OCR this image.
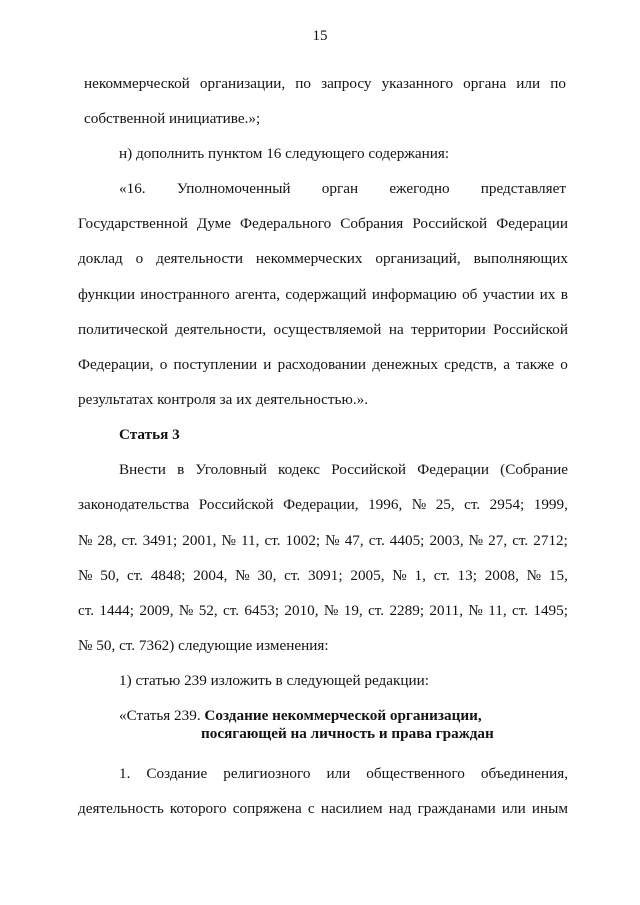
15
некоммерческой организации, по запросу указанного органа или по
собственной инициативе.»;
н) дополнить пунктом 16 следующего содержания:
«16. Уполномоченный орган ежегодно представляет
Государственной Думе Федерального Собрания Российской Федерации
доклад о деятельности некоммерческих организаций, выполняющих
функции иностранного агента, содержащий информацию об участии их в
политической деятельности, осуществляемой на территории Российской
Федерации, о поступлении и расходовании денежных средств, а также о
результатах контроля за их деятельностью.».
Статья 3
Внести в Уголовный кодекс Российской Федерации (Собрание
законодательства Российской Федерации, 1996, № 25, ст. 2954; 1999,
№ 28, ст. 3491; 2001, № 11, ст. 1002; № 47, ст. 4405; 2003, № 27, ст. 2712;
№ 50, ст. 4848; 2004, № 30, ст. 3091; 2005, № 1, ст. 13; 2008, № 15,
ст. 1444; 2009, № 52, ст. 6453; 2010, № 19, ст. 2289; 2011, № 11, ст. 1495;
№ 50, ст. 7362) следующие изменения:
1) статью 239 изложить в следующей редакции:
«Статья 239. Создание некоммерческой организации,
посягающей на личность и права граждан
1. Создание религиозного или общественного объединения,
деятельность которого сопряжена с насилием над гражданами или иным
